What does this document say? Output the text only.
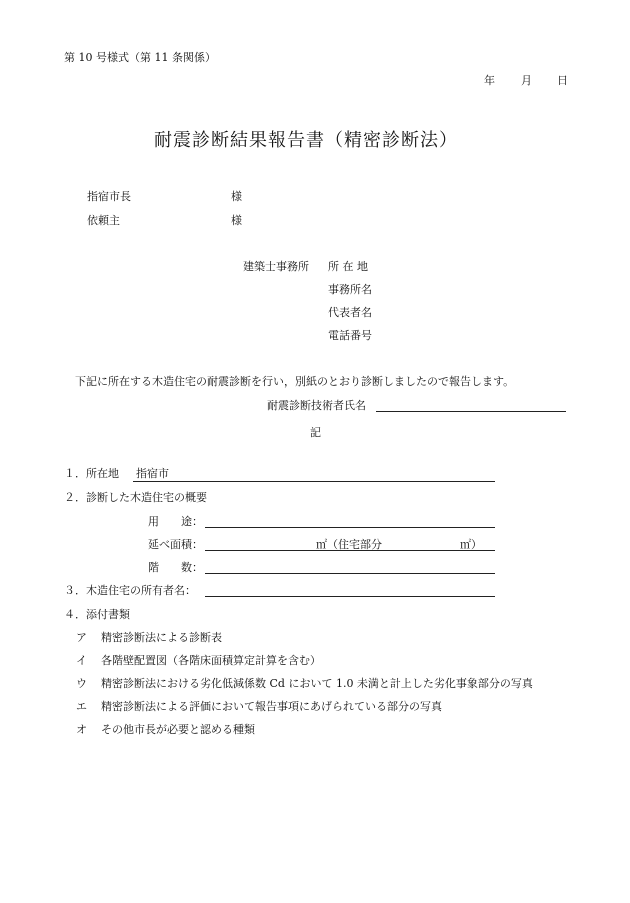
第 10 号様式（第 11 条関係）
年 月 日
耐震診断結果報告書（精密診断法）
指宿市長	様
依頼主	様
建築士事務所 所 在 地
事務所名
代表者名
電話番号
下記に所在する木造住宅の耐震診断を行い，別紙のとおり診断しましたので報告します。
耐震診断技術者氏名
記
１．所在地 指宿市
２．診断した木造住宅の概要
用　　途：
延べ面積：	㎡（住宅部分	㎡）
階　　数：
３．木造住宅の所有者名：
４．添付書類
ア 精密診断法による診断表
イ 各階壁配置図（各階床面積算定計算を含む）
ウ 精密診断法における劣化低減係数 Cd において 1.0 未満と計上した劣化事象部分の写真
エ 精密診断法による評価において報告事項にあげられている部分の写真
オ その他市長が必要と認める種類
